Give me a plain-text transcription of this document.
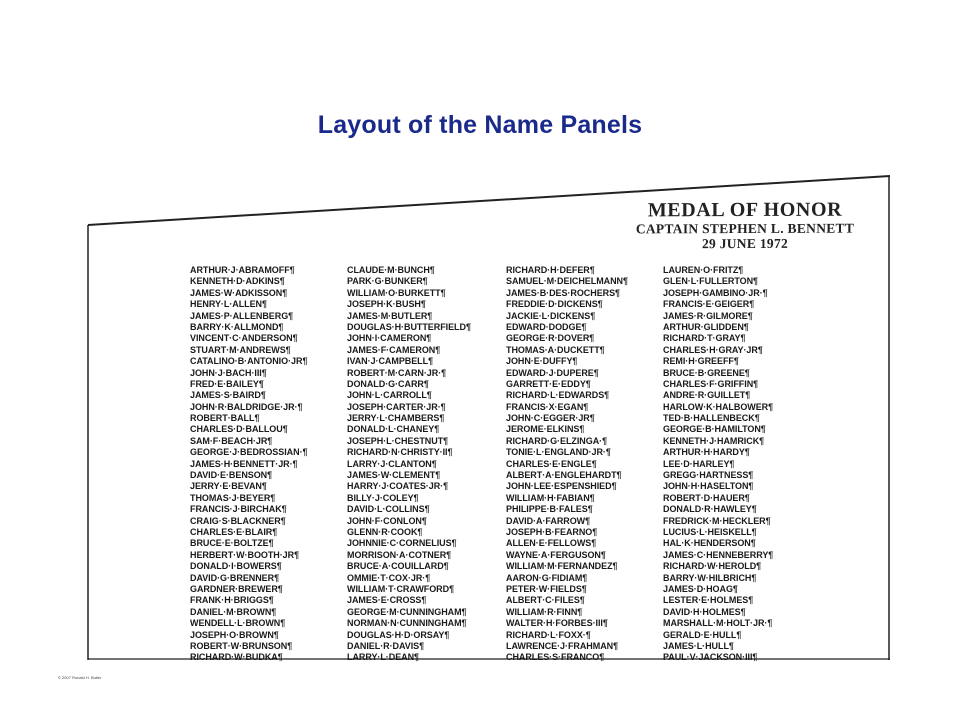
Layout of the Name Panels
MEDAL OF HONOR
CAPTAIN STEPHEN L. BENNETT
29 JUNE 1972
ARTHUR·J·ABRAMOFF¶
KENNETH·D·ADKINS¶
JAMES·W·ADKISSON¶
HENRY·L·ALLEN¶
JAMES·P·ALLENBERG¶
BARRY·K·ALLMOND¶
VINCENT·C·ANDERSON¶
STUART·M·ANDREWS¶
CATALINO·B·ANTONIO·JR¶
JOHN·J·BACH·III¶
FRED·E·BAILEY¶
JAMES·S·BAIRD¶
JOHN·R·BALDRIDGE·JR·¶
ROBERT·BALL¶
CHARLES·D·BALLOU¶
SAM·F·BEACH·JR¶
GEORGE·J·BEDROSSIAN·¶
JAMES·H·BENNETT·JR·¶
DAVID·E·BENSON¶
JERRY·E·BEVAN¶
THOMAS·J·BEYER¶
FRANCIS·J·BIRCHAK¶
CRAIG·S·BLACKNER¶
CHARLES·E·BLAIR¶
BRUCE·E·BOLTZE¶
HERBERT·W·BOOTH·JR¶
DONALD·I·BOWERS¶
DAVID·G·BRENNER¶
GARDNER·BREWER¶
FRANK·H·BRIGGS¶
DANIEL·M·BROWN¶
WENDELL·L·BROWN¶
JOSEPH·O·BROWN¶
ROBERT·W·BRUNSON¶
RICHARD·W·BUDKA¶
CLAUDE·M·BUNCH¶
PARK·G·BUNKER¶
WILLIAM·O·BURKETT¶
JOSEPH·K·BUSH¶
JAMES·M·BUTLER¶
DOUGLAS·H·BUTTERFIELD¶
JOHN·I·CAMERON¶
JAMES·F·CAMERON¶
IVAN·J·CAMPBELL¶
ROBERT·M·CARN·JR·¶
DONALD·G·CARR¶
JOHN·L·CARROLL¶
JOSEPH·CARTER·JR·¶
JERRY·L·CHAMBERS¶
DONALD·L·CHANEY¶
JOSEPH·L·CHESTNUT¶
RICHARD·N·CHRISTY·II¶
LARRY·J·CLANTON¶
JAMES·W·CLEMENT¶
HARRY·J·COATES·JR·¶
BILLY·J·COLEY¶
DAVID·L·COLLINS¶
JOHN·F·CONLON¶
GLENN·R·COOK¶
JOHNNIE·C·CORNELIUS¶
MORRISON·A·COTNER¶
BRUCE·A·COUILLARD¶
OMMIE·T·COX·JR·¶
WILLIAM·T·CRAWFORD¶
JAMES·E·CROSS¶
GEORGE·M·CUNNINGHAM¶
NORMAN·N·CUNNINGHAM¶
DOUGLAS·H·D·ORSAY¶
DANIEL·R·DAVIS¶
LARRY·L·DEAN¶
RICHARD·H·DEFER¶
SAMUEL·M·DEICHELMANN¶
JAMES·B·DES·ROCHERS¶
FREDDIE·D·DICKENS¶
JACKIE·L·DICKENS¶
EDWARD·DODGE¶
GEORGE·R·DOVER¶
THOMAS·A·DUCKETT¶
JOHN·E·DUFFY¶
EDWARD·J·DUPERE¶
GARRETT·E·EDDY¶
RICHARD·L·EDWARDS¶
FRANCIS·X·EGAN¶
JOHN·C·EGGER·JR¶
JEROME·ELKINS¶
RICHARD·G·ELZINGA·¶
TONIE·L·ENGLAND·JR·¶
CHARLES·E·ENGLE¶
ALBERT·A·ENGLEHARDT¶
JOHN·LEE·ESPENSHIED¶
WILLIAM·H·FABIAN¶
PHILIPPE·B·FALES¶
DAVID·A·FARROW¶
JOSEPH·B·FEARNO¶
ALLEN·E·FELLOWS¶
WAYNE·A·FERGUSON¶
WILLIAM·M·FERNANDEZ¶
AARON·G·FIDIAM¶
PETER·W·FIELDS¶
ALBERT·C·FILES¶
WILLIAM·R·FINN¶
WALTER·H·FORBES·III¶
RICHARD·L·FOXX·¶
LAWRENCE·J·FRAHMAN¶
CHARLES·S·FRANCO¶
LAUREN·O·FRITZ¶
GLEN·L·FULLERTON¶
JOSEPH·GAMBINO·JR·¶
FRANCIS·E·GEIGER¶
JAMES·R·GILMORE¶
ARTHUR·GLIDDEN¶
RICHARD·T·GRAY¶
CHARLES·H·GRAY·JR¶
REMI·H·GREEFF¶
BRUCE·B·GREENE¶
CHARLES·F·GRIFFIN¶
ANDRE·R·GUILLET¶
HARLOW·K·HALBOWER¶
TED·B·HALLENBECK¶
GEORGE·B·HAMILTON¶
KENNETH·J·HAMRICK¶
ARTHUR·H·HARDY¶
LEE·D·HARLEY¶
GREGG·HARTNESS¶
JOHN·H·HASELTON¶
ROBERT·D·HAUER¶
DONALD·R·HAWLEY¶
FREDRICK·M·HECKLER¶
LUCIUS·L·HEISKELL¶
HAL·K·HENDERSON¶
JAMES·C·HENNEBERRY¶
RICHARD·W·HEROLD¶
BARRY·W·HILBRICH¶
JAMES·D·HOAG¶
LESTER·E·HOLMES¶
DAVID·H·HOLMES¶
MARSHALL·M·HOLT·JR·¶
GERALD·E·HULL¶
JAMES·L·HULL¶
PAUL·V·JACKSON·III¶
© 2007 Ronald H. Butler
